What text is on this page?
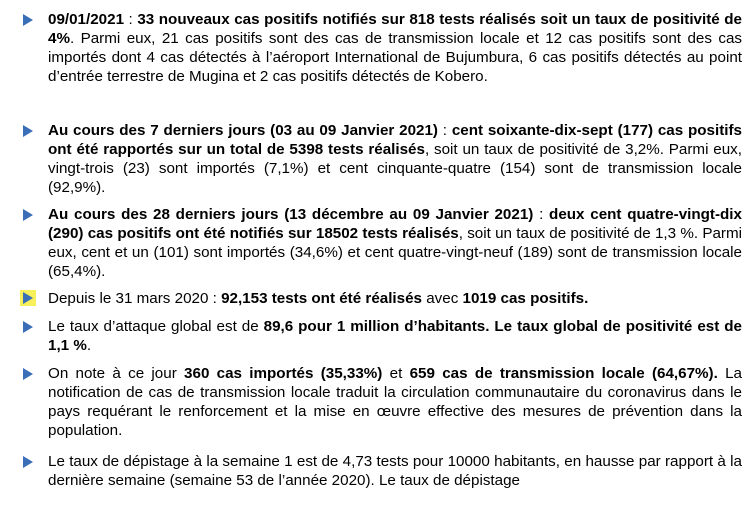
09/01/2021 : 33 nouveaux cas positifs notifiés sur 818 tests réalisés soit un taux de positivité de 4%. Parmi eux, 21 cas positifs sont des cas de transmission locale et 12 cas positifs sont des cas importés dont 4 cas détectés à l’aéroport International de Bujumbura, 6 cas positifs détectés au point d’entrée terrestre de Mugina et 2 cas positifs détectés de Kobero.
Au cours des 7 derniers jours (03 au 09 Janvier 2021) : cent soixante-dix-sept (177) cas positifs ont été rapportés sur un total de 5398 tests réalisés, soit un taux de positivité de 3,2%. Parmi eux, vingt-trois (23) sont importés (7,1%) et cent cinquante-quatre (154) sont de transmission locale (92,9%).
Au cours des 28 derniers jours (13 décembre au 09 Janvier 2021) : deux cent quatre-vingt-dix (290) cas positifs ont été notifiés sur 18502 tests réalisés, soit un taux de positivité de 1,3 %. Parmi eux, cent et un (101) sont importés (34,6%) et cent quatre-vingt-neuf (189) sont de transmission locale (65,4%).
Depuis le 31 mars 2020 : 92,153 tests ont été réalisés avec 1019 cas positifs.
Le taux d’attaque global est de 89,6 pour 1 million d’habitants. Le taux global de positivité est de 1,1 %.
On note à ce jour 360 cas importés (35,33%) et 659 cas de transmission locale (64,67%). La notification de cas de transmission locale traduit la circulation communautaire du coronavirus dans le pays requérant le renforcement et la mise en œuvre effective des mesures de prévention dans la population.
Le taux de dépistage à la semaine 1 est de 4,73 tests pour 10000 habitants, en hausse par rapport à la dernière semaine (semaine 53 de l’année 2020). Le taux de dépistage
